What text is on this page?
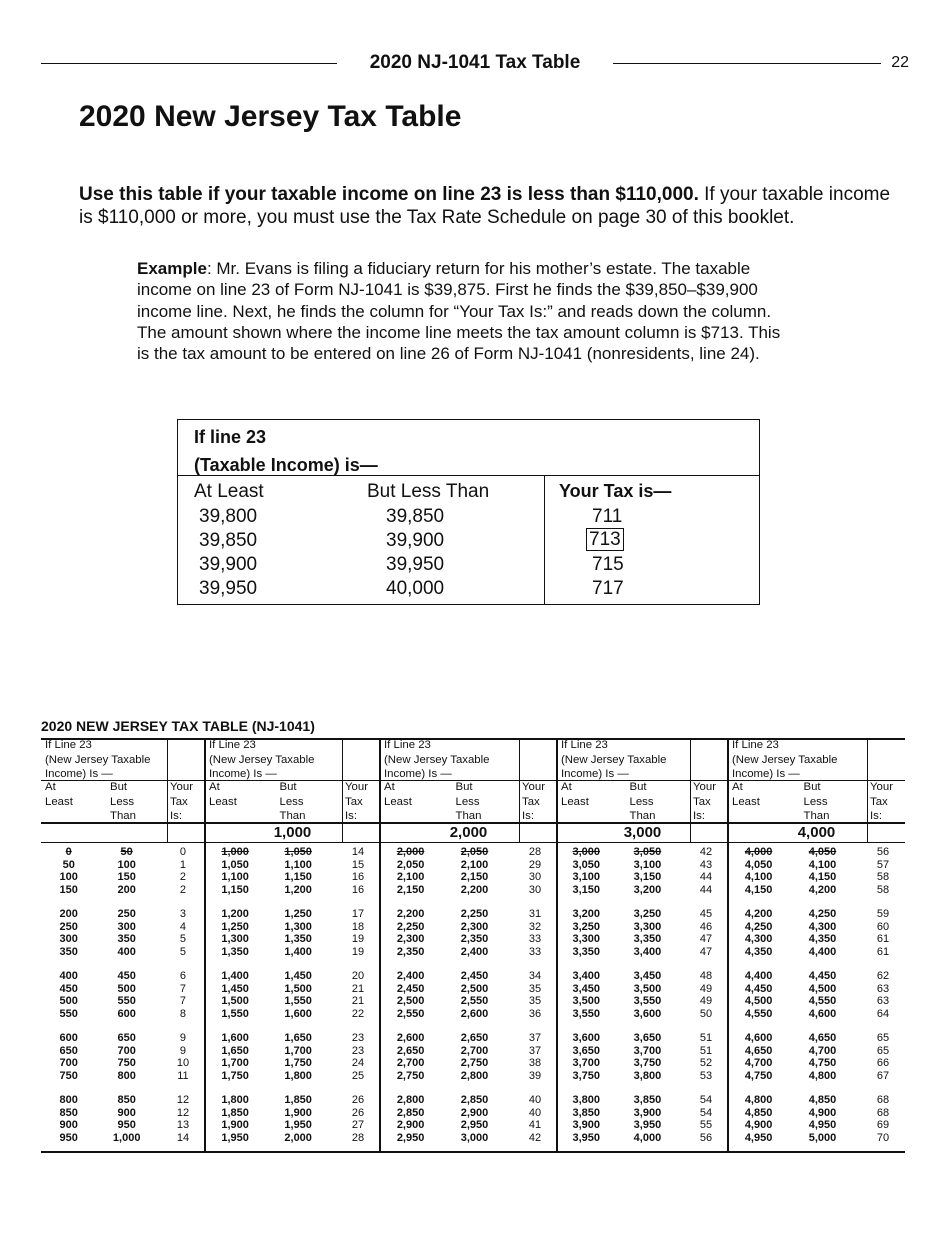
2020 NJ-1041 Tax Table	22
2020 New Jersey Tax Table

Use this table if your taxable income on line 23 is less than $110,000. If your taxable income is $110,000 or more, you must use the Tax Rate Schedule on page 30 of this booklet.

Example: Mr. Evans is filing a fiduciary return for his mother’s estate. The taxable income on line 23 of Form NJ-1041 is $39,875. First he finds the $39,850–$39,900 income line. Next, he finds the column for “Your Tax Is:” and reads down the column. The amount shown where the income line meets the tax amount column is $713. This is the tax amount to be entered on line 26 of Form NJ-1041 (nonresidents, line 24).

If line 23
(Taxable Income) is—
At Least	But Less Than	Your Tax is—
39,800	39,850	711
39,850	39,900	713
39,900	39,950	715
39,950	40,000	717
2020 NEW JERSEY TAX TABLE (NJ-1041)
If Line 23
(New Jersey Taxable
Income) Is —
At
Least
But
Less
Than
Your
Tax
Is:
If Line 23
(New Jersey Taxable
Income) Is —
At
Least
But
Less
Than
Your
Tax
Is:
1,000
If Line 23
(New Jersey Taxable
Income) Is —
At
Least
But
Less
Than
Your
Tax
Is:
2,000
If Line 23
(New Jersey Taxable
Income) Is —
At
Least
But
Less
Than
Your
Tax
Is:
3,000
If Line 23
(New Jersey Taxable
Income) Is —
At
Least
But
Less
Than
Your
Tax
Is:
4,000
0	50	0	1,000	1,050	14	2,000	2,050	28	3,000	3,050	42	4,000	4,050	56
50	100	1	1,050	1,100	15	2,050	2,100	29	3,050	3,100	43	4,050	4,100	57
100	150	2	1,100	1,150	16	2,100	2,150	30	3,100	3,150	44	4,100	4,150	58
150	200	2	1,150	1,200	16	2,150	2,200	30	3,150	3,200	44	4,150	4,200	58
200	250	3	1,200	1,250	17	2,200	2,250	31	3,200	3,250	45	4,200	4,250	59
250	300	4	1,250	1,300	18	2,250	2,300	32	3,250	3,300	46	4,250	4,300	60
300	350	5	1,300	1,350	19	2,300	2,350	33	3,300	3,350	47	4,300	4,350	61
350	400	5	1,350	1,400	19	2,350	2,400	33	3,350	3,400	47	4,350	4,400	61
400	450	6	1,400	1,450	20	2,400	2,450	34	3,400	3,450	48	4,400	4,450	62
450	500	7	1,450	1,500	21	2,450	2,500	35	3,450	3,500	49	4,450	4,500	63
500	550	7	1,500	1,550	21	2,500	2,550	35	3,500	3,550	49	4,500	4,550	63
550	600	8	1,550	1,600	22	2,550	2,600	36	3,550	3,600	50	4,550	4,600	64
600	650	9	1,600	1,650	23	2,600	2,650	37	3,600	3,650	51	4,600	4,650	65
650	700	9	1,650	1,700	23	2,650	2,700	37	3,650	3,700	51	4,650	4,700	65
700	750	10	1,700	1,750	24	2,700	2,750	38	3,700	3,750	52	4,700	4,750	66
750	800	11	1,750	1,800	25	2,750	2,800	39	3,750	3,800	53	4,750	4,800	67
800	850	12	1,800	1,850	26	2,800	2,850	40	3,800	3,850	54	4,800	4,850	68
850	900	12	1,850	1,900	26	2,850	2,900	40	3,850	3,900	54	4,850	4,900	68
900	950	13	1,900	1,950	27	2,900	2,950	41	3,900	3,950	55	4,900	4,950	69
950	1,000	14	1,950	2,000	28	2,950	3,000	42	3,950	4,000	56	4,950	5,000	70
